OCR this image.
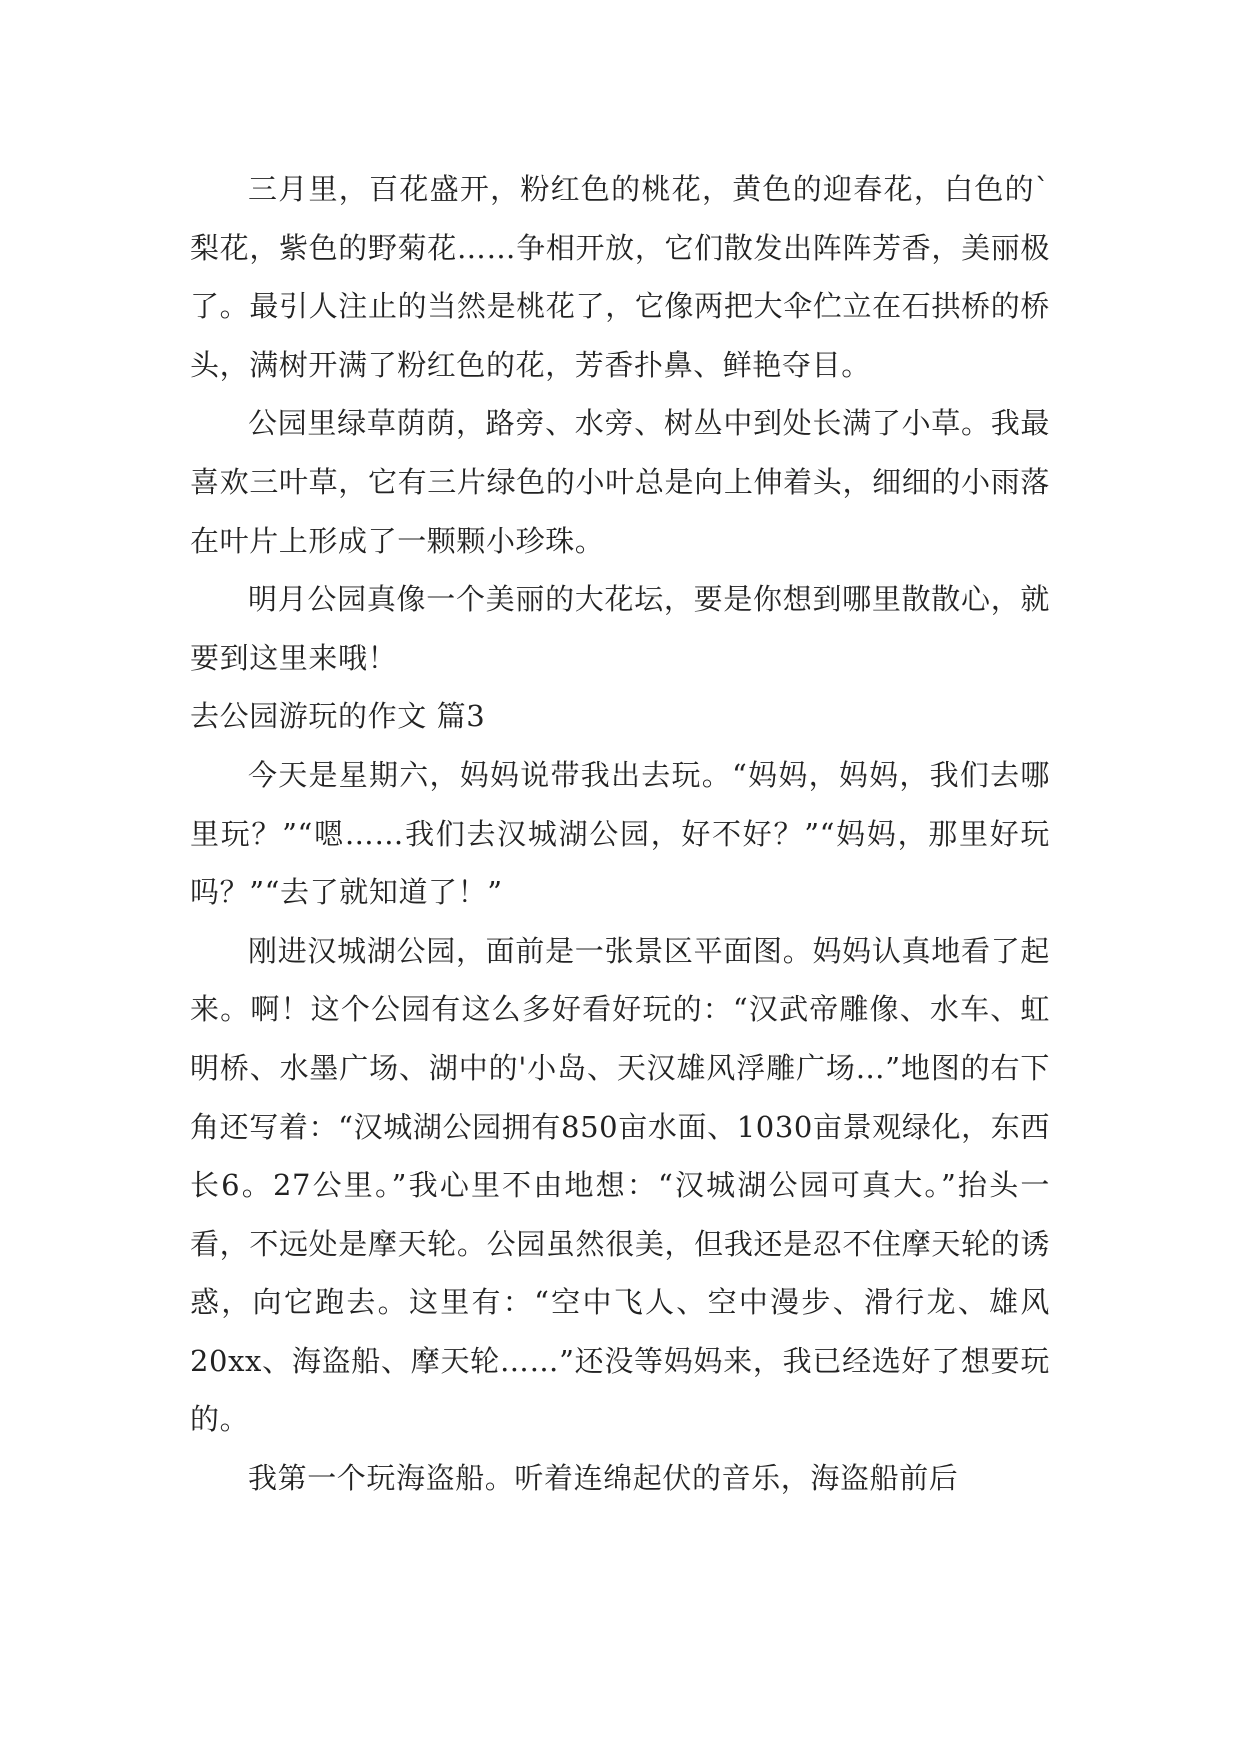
三月里，百花盛开，粉红色的桃花，黄色的迎春花，白色的`梨花，紫色的野菊花……争相开放，它们散发出阵阵芳香，美丽极了。最引人注止的当然是桃花了，它像两把大伞伫立在石拱桥的桥头，满树开满了粉红色的花，芳香扑鼻、鲜艳夺目。

公园里绿草荫荫，路旁、水旁、树丛中到处长满了小草。我最喜欢三叶草，它有三片绿色的小叶总是向上伸着头，细细的小雨落在叶片上形成了一颗颗小珍珠。

明月公园真像一个美丽的大花坛，要是你想到哪里散散心，就要到这里来哦！

去公园游玩的作文 篇3

今天是星期六，妈妈说带我出去玩。“妈妈，妈妈，我们去哪里玩？”“嗯……我们去汉城湖公园，好不好？”“妈妈，那里好玩吗？”“去了就知道了！”

刚进汉城湖公园，面前是一张景区平面图。妈妈认真地看了起来。啊！这个公园有这么多好看好玩的：“汉武帝雕像、水车、虹明桥、水墨广场、湖中的'小岛、天汉雄风浮雕广场…”地图的右下角还写着：“汉城湖公园拥有850亩水面、1030亩景观绿化，东西长6。27公里。”我心里不由地想：“汉城湖公园可真大。”抬头一看，不远处是摩天轮。公园虽然很美，但我还是忍不住摩天轮的诱惑，向它跑去。这里有：“空中飞人、空中漫步、滑行龙、雄风20xx、海盗船、摩天轮……”还没等妈妈来，我已经选好了想要玩的。

我第一个玩海盗船。听着连绵起伏的音乐，海盗船前后
